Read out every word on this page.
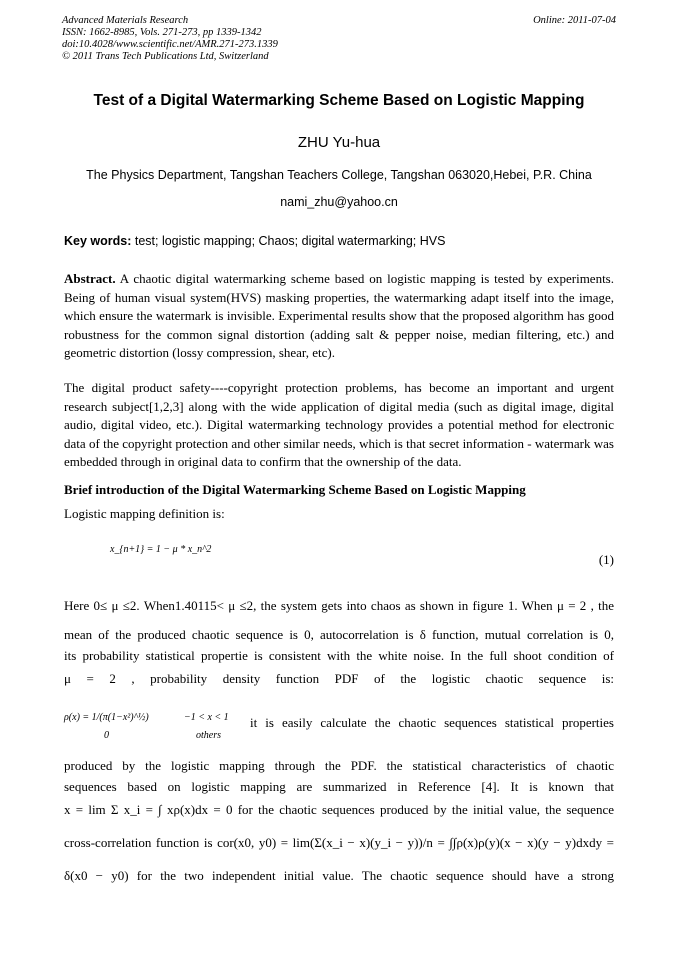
Advanced Materials Research
ISSN: 1662-8985, Vols. 271-273, pp 1339-1342
doi:10.4028/www.scientific.net/AMR.271-273.1339
© 2011 Trans Tech Publications Ltd, Switzerland
Online: 2011-07-04
Test of a Digital Watermarking Scheme Based on Logistic Mapping
ZHU Yu-hua
The Physics Department, Tangshan Teachers College, Tangshan 063020,Hebei, P.R. China
nami_zhu@yahoo.cn
Key words: test; logistic mapping; Chaos; digital watermarking; HVS
Abstract. A chaotic digital watermarking scheme based on logistic mapping is tested by experiments. Being of human visual system(HVS) masking properties, the watermarking adapt itself into the image, which ensure the watermark is invisible. Experimental results show that the proposed algorithm has good robustness for the common signal distortion (adding salt & pepper noise, median filtering, etc.) and geometric distortion (lossy compression, shear, etc).
The digital product safety----copyright protection problems, has become an important and urgent research subject[1,2,3] along with the wide application of digital media (such as digital image, digital audio, digital video, etc.). Digital watermarking technology provides a potential method for electronic data of the copyright protection and other similar needs, which is that secret information - watermark was embedded through in original data to confirm that the ownership of the data.
Brief introduction of the Digital Watermarking Scheme Based on Logistic Mapping
Logistic mapping definition is:
x_{n+1} = 1 − μ * x_n^2
(1)
Here 0≤ μ ≤2. When1.40115< μ ≤2, the system gets into chaos as shown in figure 1. When μ = 2 , the
mean of the produced chaotic sequence is 0, autocorrelation is δ function, mutual correlation is 0,
its probability statistical propertie is consistent with the white noise. In the full shoot condition of
μ = 2 , probability density function PDF of the logistic chaotic sequence is:
ρ(x) = 1/(π(1−x²)^½)	−1 < x < 1
0	others
it is easily calculate the chaotic sequences statistical properties
produced by the logistic mapping through the PDF. the statistical characteristics of chaotic
sequences based on logistic mapping are summarized in Reference [4]. It is known that
x = lim Σ x_i = ∫ xρ(x)dx = 0 for the chaotic sequences produced by the initial value, the sequence
cross-correlation function is cor(x0, y0) = lim(Σ(x_i − x)(y_i − y))/n = ∫∫ρ(x)ρ(y)(x − x)(y − y)dxdy =
δ(x0 − y0) for the two independent initial value. The chaotic sequence should have a strong
